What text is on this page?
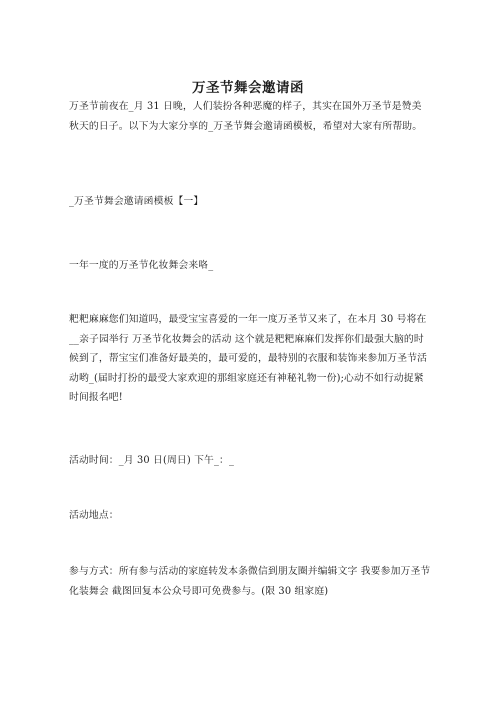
万圣节舞会邀请函
万圣节前夜在_月 31 日晚，人们装扮各种恶魔的样子，其实在国外万圣节是赞美秋天的日子。以下为大家分享的_万圣节舞会邀请函模板，希望对大家有所帮助。
_万圣节舞会邀请函模板【一】
一年一度的万圣节化妆舞会来咯_
粑粑麻麻您们知道吗，最受宝宝喜爱的一年一度万圣节又来了，在本月 30 号将在__亲子园举行 万圣节化妆舞会的活动 这个就是粑粑麻麻们发挥你们最强大脑的时候到了，帮宝宝们准备好最美的，最可爱的，最特别的衣服和装饰来参加万圣节活动哟_(届时打扮的最受大家欢迎的那组家庭还有神秘礼物一份);心动不如行动捉紧时间报名吧!
活动时间：_月 30 日(周日) 下午_：_
活动地点：
参与方式：所有参与活动的家庭转发本条微信到朋友圈并编辑文字 我要参加万圣节化装舞会 截图回复本公众号即可免费参与。(限 30 组家庭)
